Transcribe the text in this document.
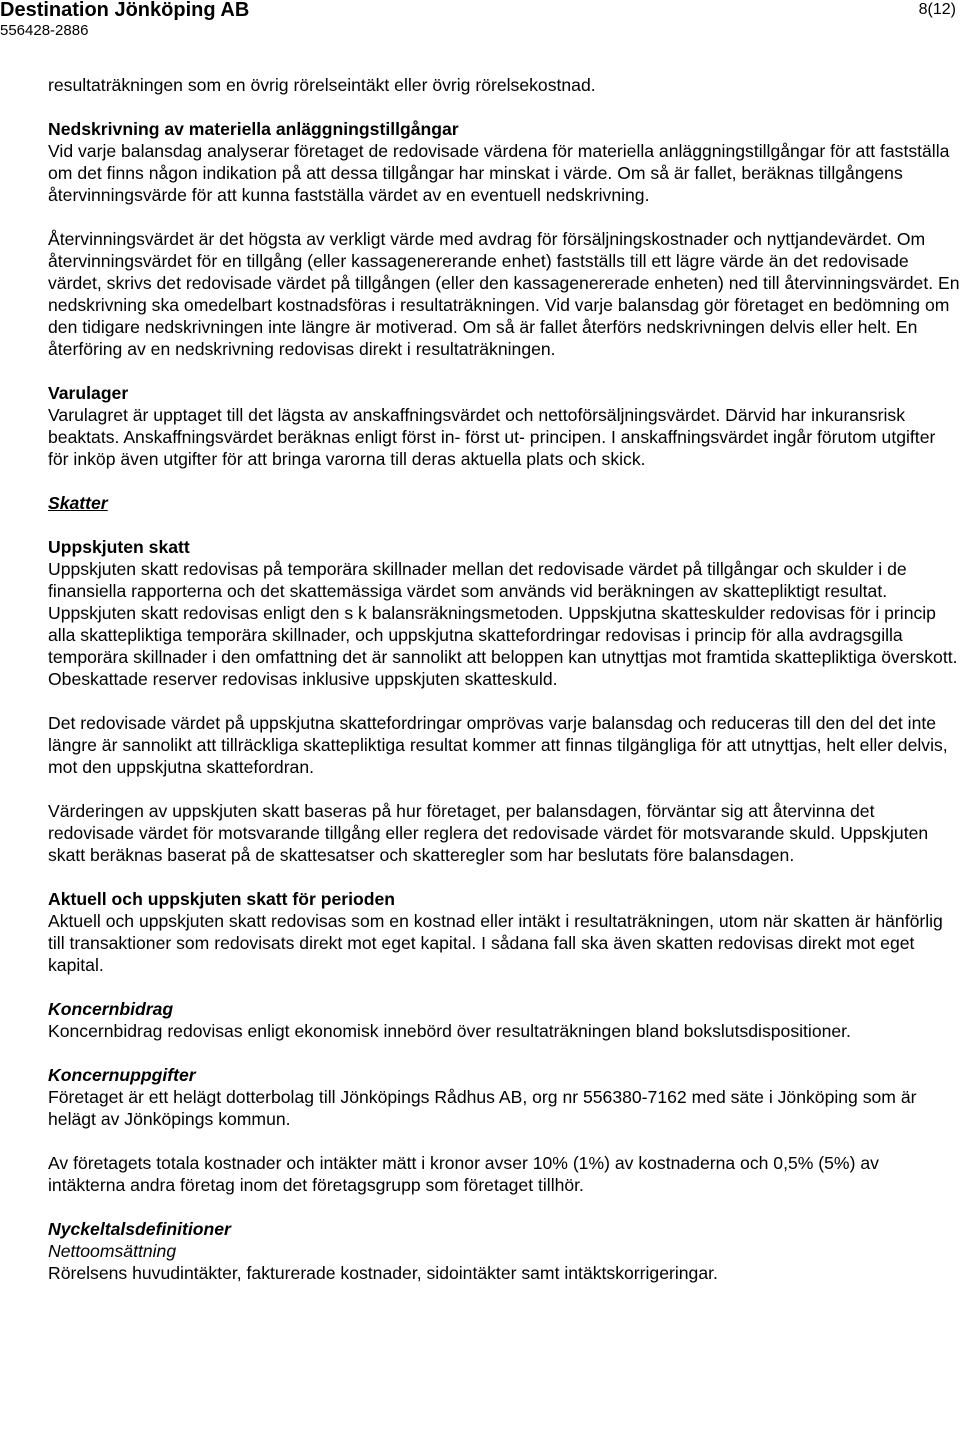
Destination Jönköping AB
556428-2886
8(12)

resultaträkningen som en övrig rörelseintäkt eller övrig rörelsekostnad.

Nedskrivning av materiella anläggningstillgångar

Vid varje balansdag analyserar företaget de redovisade värdena för materiella anläggningstillgångar för att fastställa om det finns någon indikation på att dessa tillgångar har minskat i värde. Om så är fallet, beräknas tillgångens återvinningsvärde för att kunna fastställa värdet av en eventuell nedskrivning.

Återvinningsvärdet är det högsta av verkligt värde med avdrag för försäljningskostnader och nyttjandevärdet. Om återvinningsvärdet för en tillgång (eller kassagenererande enhet) fastställs till ett lägre värde än det redovisade värdet, skrivs det redovisade värdet på tillgången (eller den kassagenererade enheten) ned till återvinningsvärdet. En nedskrivning ska omedelbart kostnadsföras i resultaträkningen. Vid varje balansdag gör företaget en bedömning om den tidigare nedskrivningen inte längre är motiverad. Om så är fallet återförs nedskrivningen delvis eller helt. En återföring av en nedskrivning redovisas direkt i resultaträkningen.

Varulager

Varulagret är upptaget till det lägsta av anskaffningsvärdet och nettoförsäljningsvärdet. Därvid har inkuransrisk beaktats. Anskaffningsvärdet beräknas enligt först in- först ut- principen. I anskaffningsvärdet ingår förutom utgifter för inköp även utgifter för att bringa varorna till deras aktuella plats och skick.

Skatter

Uppskjuten skatt

Uppskjuten skatt redovisas på temporära skillnader mellan det redovisade värdet på tillgångar och skulder i de finansiella rapporterna och det skattemässiga värdet som används vid beräkningen av skattepliktigt resultat. Uppskjuten skatt redovisas enligt den s k balansräkningsmetoden. Uppskjutna skatteskulder redovisas för i princip alla skattepliktiga temporära skillnader, och uppskjutna skattefordringar redovisas i princip för alla avdragsgilla temporära skillnader i den omfattning det är sannolikt att beloppen kan utnyttjas mot framtida skattepliktiga överskott. Obeskattade reserver redovisas inklusive uppskjuten skatteskuld.

Det redovisade värdet på uppskjutna skattefordringar omprövas varje balansdag och reduceras till den del det inte längre är sannolikt att tillräckliga skattepliktiga resultat kommer att finnas tilgängliga för att utnyttjas, helt eller delvis, mot den uppskjutna skattefordran.

Värderingen av uppskjuten skatt baseras på hur företaget, per balansdagen, förväntar sig att återvinna det redovisade värdet för motsvarande tillgång eller reglera det redovisade värdet för motsvarande skuld. Uppskjuten skatt beräknas baserat på de skattesatser och skatteregler som har beslutats före balansdagen.

Aktuell och uppskjuten skatt för perioden

Aktuell och uppskjuten skatt redovisas som en kostnad eller intäkt i resultaträkningen, utom när skatten är hänförlig till transaktioner som redovisats direkt mot eget kapital. I sådana fall ska även skatten redovisas direkt mot eget kapital.

Koncernbidrag

Koncernbidrag redovisas enligt ekonomisk innebörd över resultaträkningen bland bokslutsdispositioner.

Koncernuppgifter

Företaget är ett helägt dotterbolag till Jönköpings Rådhus AB, org nr 556380-7162 med säte i Jönköping som är helägt av Jönköpings kommun.

Av företagets totala kostnader och intäkter mätt i kronor avser 10% (1%) av kostnaderna och 0,5% (5%) av intäkterna andra företag inom det företagsgrupp som företaget tillhör.

Nyckeltalsdefinitioner

Nettoomsättning

Rörelsens huvudintäkter, fakturerade kostnader, sidointäkter samt intäktskorrigeringar.
